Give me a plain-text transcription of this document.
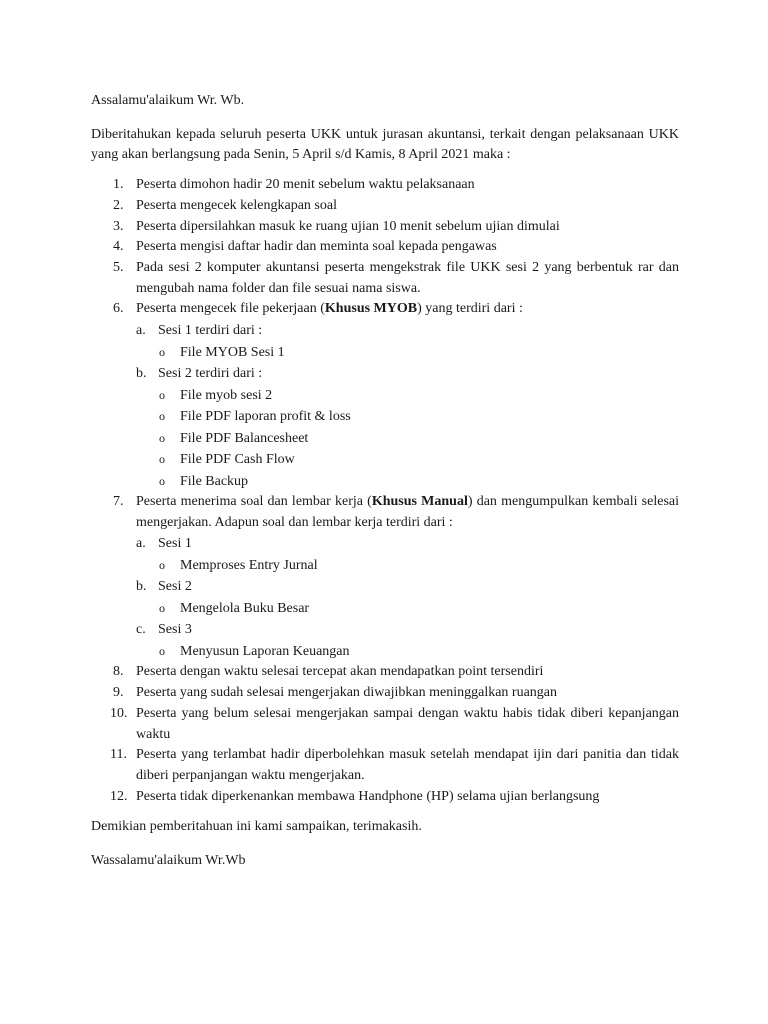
Assalamu'alaikum Wr. Wb.

Diberitahukan kepada seluruh peserta UKK untuk jurasan akuntansi, terkait dengan pelaksanaan UKK yang akan berlangsung pada Senin, 5 April s/d Kamis, 8 April 2021 maka :

1. Peserta dimohon hadir 20 menit sebelum waktu pelaksanaan
2. Peserta mengecek kelengkapan soal
3. Peserta dipersilahkan masuk ke ruang ujian 10 menit sebelum ujian dimulai
4. Peserta mengisi daftar hadir dan meminta soal kepada pengawas
5. Pada sesi 2 komputer akuntansi peserta mengekstrak file UKK sesi 2 yang berbentuk rar dan mengubah nama folder dan file sesuai nama siswa.
6. Peserta mengecek file pekerjaan (Khusus MYOB) yang terdiri dari :
a. Sesi 1 terdiri dari :
o File MYOB Sesi 1
b. Sesi 2 terdiri dari :
o File myob sesi 2
o File PDF laporan profit & loss
o File PDF Balancesheet
o File PDF Cash Flow
o File Backup
7. Peserta menerima soal dan lembar kerja (Khusus Manual) dan mengumpulkan kembali selesai mengerjakan. Adapun soal dan lembar kerja terdiri dari :
a. Sesi 1
o Memproses Entry Jurnal
b. Sesi 2
o Mengelola Buku Besar
c. Sesi 3
o Menyusun Laporan Keuangan
8. Peserta dengan waktu selesai tercepat akan mendapatkan point tersendiri
9. Peserta yang sudah selesai mengerjakan diwajibkan meninggalkan ruangan
10. Peserta yang belum selesai mengerjakan sampai dengan waktu habis tidak diberi kepanjangan waktu
11. Peserta yang terlambat hadir diperbolehkan masuk setelah mendapat ijin dari panitia dan tidak diberi perpanjangan waktu mengerjakan.
12. Peserta tidak diperkenankan membawa Handphone (HP) selama ujian berlangsung

Demikian pemberitahuan ini kami sampaikan, terimakasih.

Wassalamu'alaikum Wr.Wb
